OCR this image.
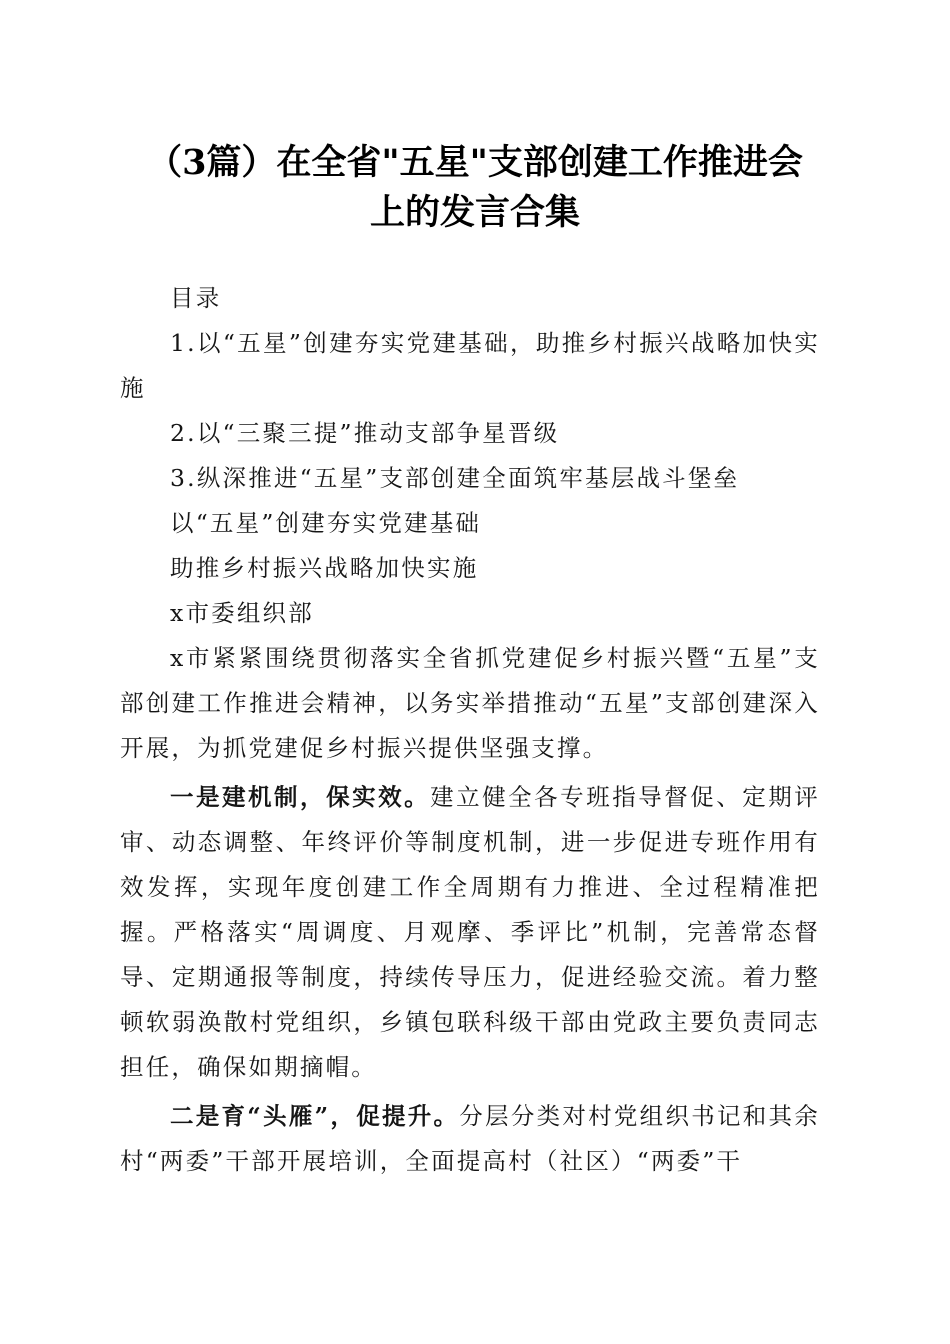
（3篇）在全省"五星"支部创建工作推进会
上的发言合集

目录

1.以“五星”创建夯实党建基础，助推乡村振兴战略加快实施

2.以“三聚三提”推动支部争星晋级

3.纵深推进“五星”支部创建全面筑牢基层战斗堡垒

以“五星”创建夯实党建基础

助推乡村振兴战略加快实施

x市委组织部

x市紧紧围绕贯彻落实全省抓党建促乡村振兴暨“五星”支部创建工作推进会精神，以务实举措推动“五星”支部创建深入开展，为抓党建促乡村振兴提供坚强支撑。

一是建机制，保实效。建立健全各专班指导督促、定期评审、动态调整、年终评价等制度机制，进一步促进专班作用有效发挥，实现年度创建工作全周期有力推进、全过程精准把握。严格落实“周调度、月观摩、季评比”机制，完善常态督导、定期通报等制度，持续传导压力，促进经验交流。着力整顿软弱涣散村党组织，乡镇包联科级干部由党政主要负责同志担任，确保如期摘帽。

二是育“头雁”，促提升。分层分类对村党组织书记和其余村“两委”干部开展培训，全面提高村（社区）“两委”干
